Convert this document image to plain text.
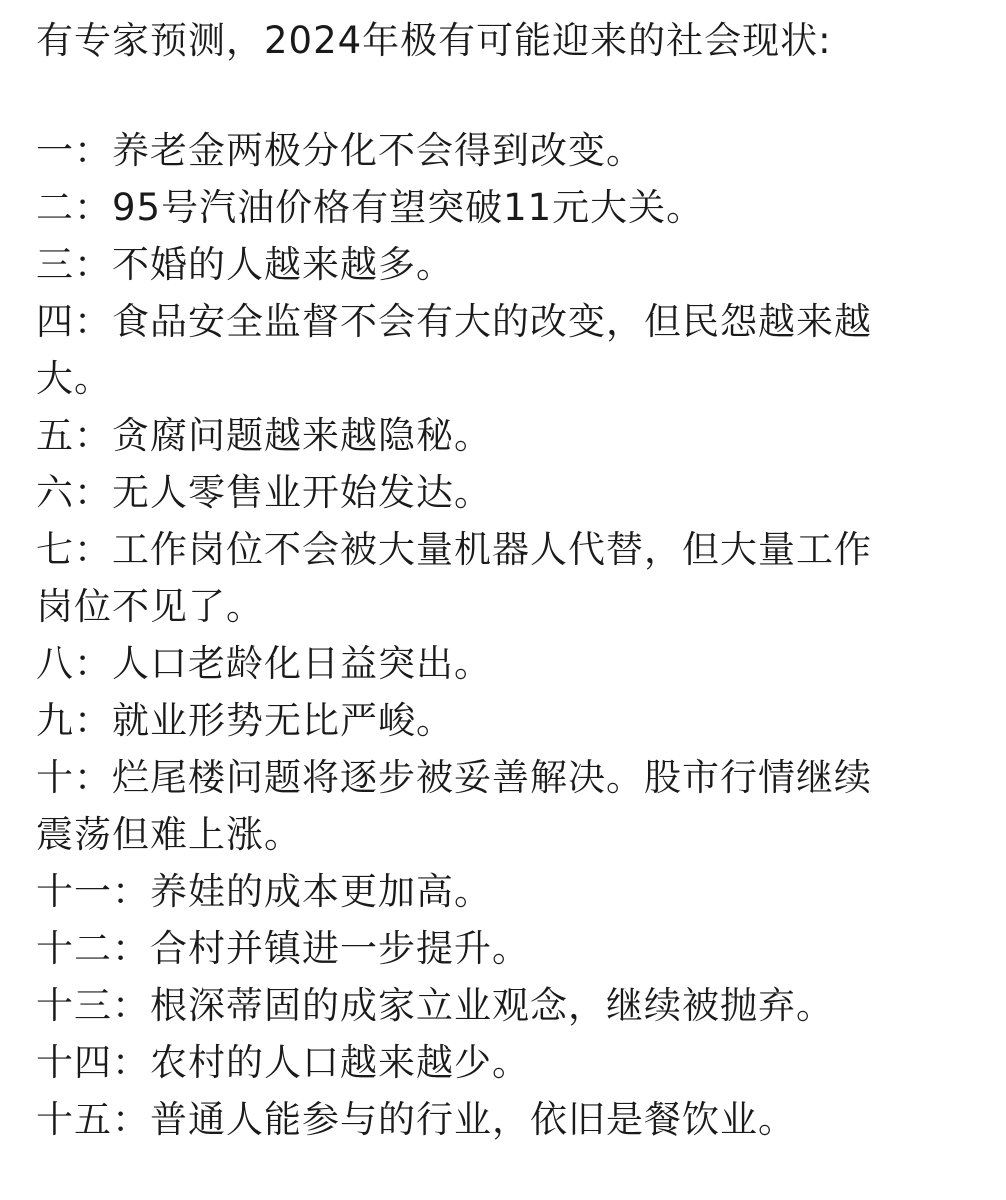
有专家预测，2024年极有可能迎来的社会现状:
一：养老金两极分化不会得到改变。
二：95号汽油价格有望突破11元大关。
三：不婚的人越来越多。
四：食品安全监督不会有大的改变，但民怨越来越
大。
五：贪腐问题越来越隐秘。
六：无人零售业开始发达。
七：工作岗位不会被大量机器人代替，但大量工作
岗位不见了。
八：人口老龄化日益突出。
九：就业形势无比严峻。
十：烂尾楼问题将逐步被妥善解决。股市行情继续
震荡但难上涨。
十一：养娃的成本更加高。
十二：合村并镇进一步提升。
十三：根深蒂固的成家立业观念，继续被抛弃。
十四：农村的人口越来越少。
十五：普通人能参与的行业，依旧是餐饮业。
